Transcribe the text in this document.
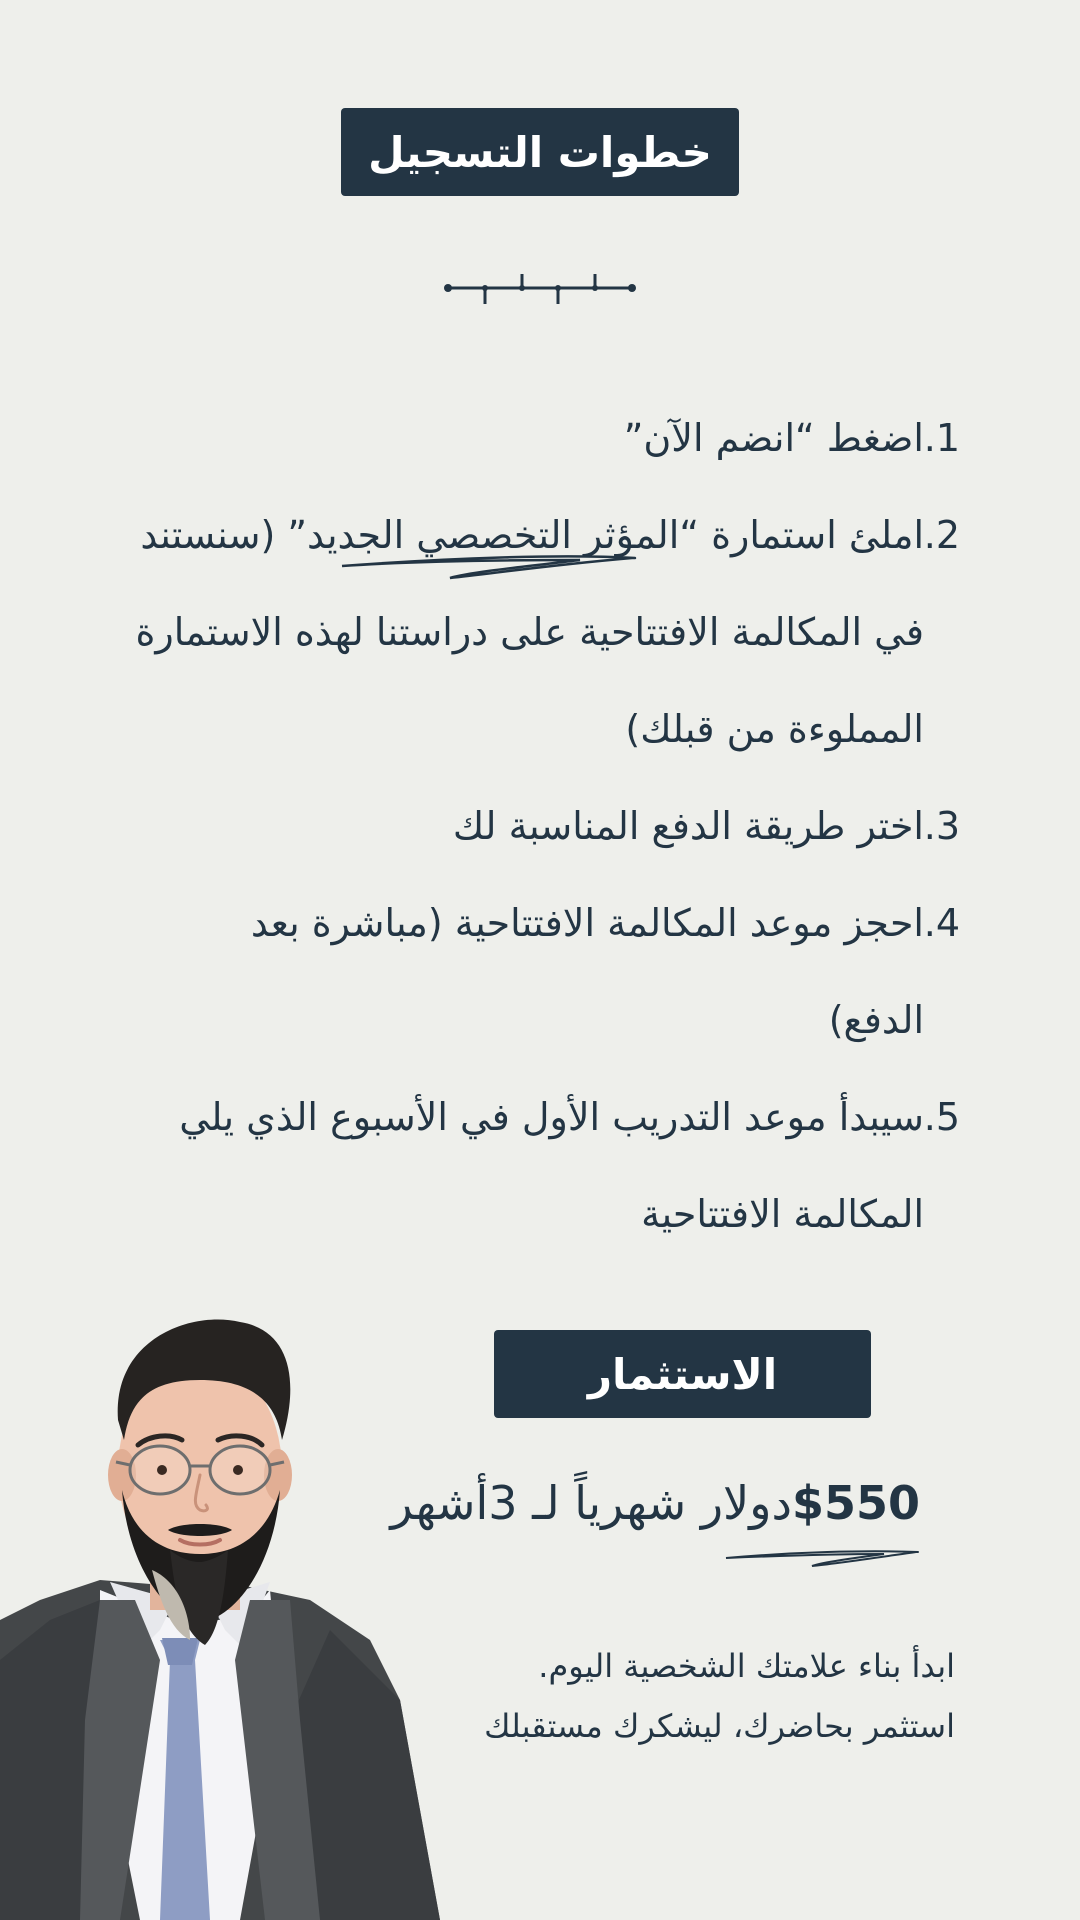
خطوات التسجيل
1.اضغط “انضم الآن”
2.املئ استمارة “المؤثر التخصصي الجديد” (سنستند
في المكالمة الافتتاحية على دراستنا لهذه الاستمارة
المملوءة من قبلك)
3.اختر طريقة الدفع المناسبة لك
4.احجز موعد المكالمة الافتتاحية (مباشرة بعد
الدفع)
5.سيبدأ موعد التدريب الأول في الأسبوع الذي يلي
المكالمة الافتتاحية
الاستثمار
$550دولار شهرياً لـ 3أشهر
ابدأ بناء علامتك الشخصية اليوم.
استثمر بحاضرك، ليشكرك مستقبلك
